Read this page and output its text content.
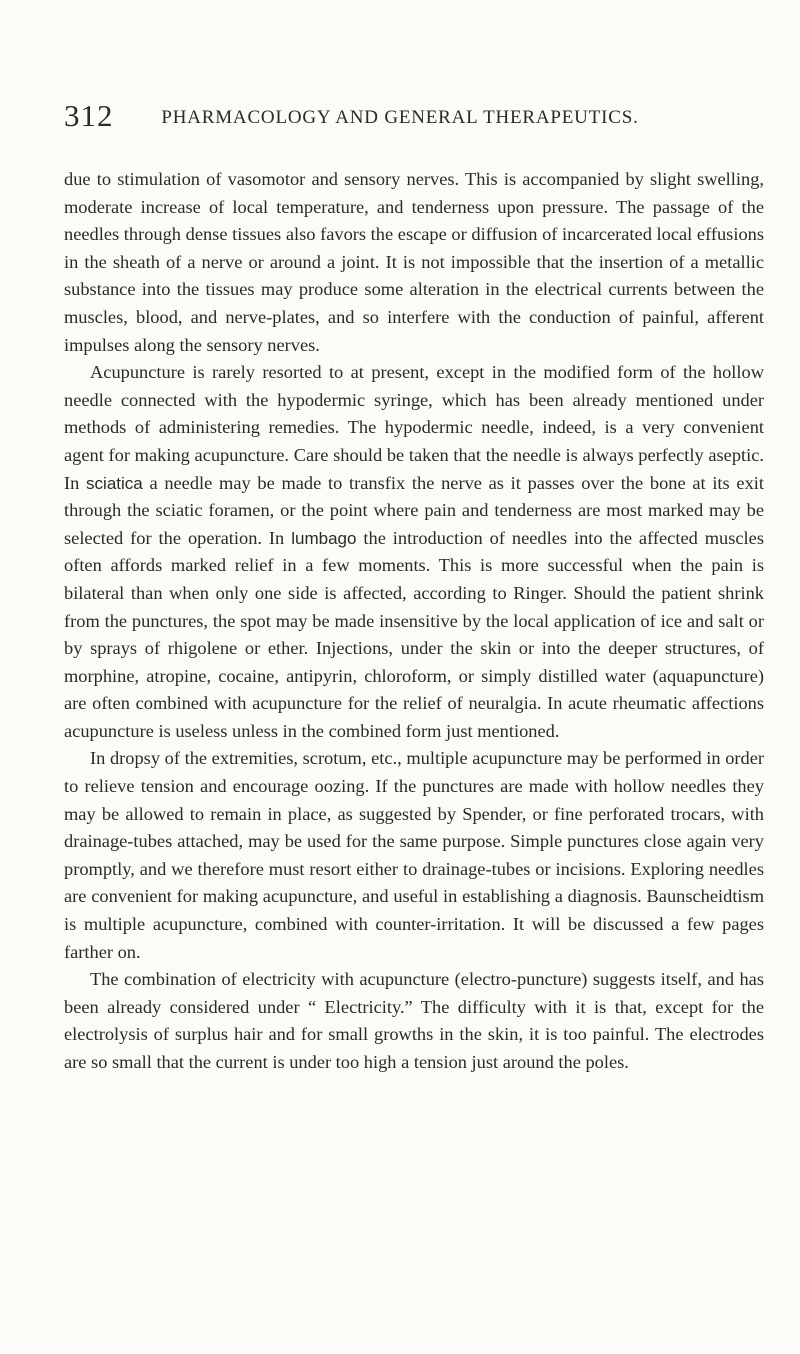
312	PHARMACOLOGY AND GENERAL THERAPEUTICS.

due to stimulation of vasomotor and sensory nerves. This is accompanied by slight swelling, moderate increase of local temperature, and tenderness upon pressure. The passage of the needles through dense tissues also favors the escape or diffusion of incarcerated local effusions in the sheath of a nerve or around a joint. It is not impossible that the insertion of a metallic substance into the tissues may produce some alteration in the electrical currents between the muscles, blood, and nerve-plates, and so interfere with the conduction of painful, afferent impulses along the sensory nerves.

Acupuncture is rarely resorted to at present, except in the modified form of the hollow needle connected with the hypodermic syringe, which has been already mentioned under methods of administering remedies. The hypodermic needle, indeed, is a very convenient agent for making acupuncture. Care should be taken that the needle is always perfectly aseptic. In sciatica a needle may be made to transfix the nerve as it passes over the bone at its exit through the sciatic foramen, or the point where pain and tenderness are most marked may be selected for the operation. In lumbago the introduction of needles into the affected muscles often affords marked relief in a few moments. This is more successful when the pain is bilateral than when only one side is affected, according to Ringer. Should the patient shrink from the punctures, the spot may be made insensitive by the local application of ice and salt or by sprays of rhigolene or ether. Injections, under the skin or into the deeper structures, of morphine, atropine, cocaine, antipyrin, chloroform, or simply distilled water (aquapuncture) are often combined with acupuncture for the relief of neuralgia. In acute rheumatic affections acupuncture is useless unless in the combined form just mentioned.

In dropsy of the extremities, scrotum, etc., multiple acupuncture may be performed in order to relieve tension and encourage oozing. If the punctures are made with hollow needles they may be allowed to remain in place, as suggested by Spender, or fine perforated trocars, with drainage-tubes attached, may be used for the same purpose. Simple punctures close again very promptly, and we therefore must resort either to drainage-tubes or incisions. Exploring needles are convenient for making acupuncture, and useful in establishing a diagnosis. Baunscheidtism is multiple acupuncture, combined with counter-irritation. It will be discussed a few pages farther on.

The combination of electricity with acupuncture (electro-puncture) suggests itself, and has been already considered under “ Electricity.” The difficulty with it is that, except for the electrolysis of surplus hair and for small growths in the skin, it is too painful. The electrodes are so small that the current is under too high a tension just around the poles.
